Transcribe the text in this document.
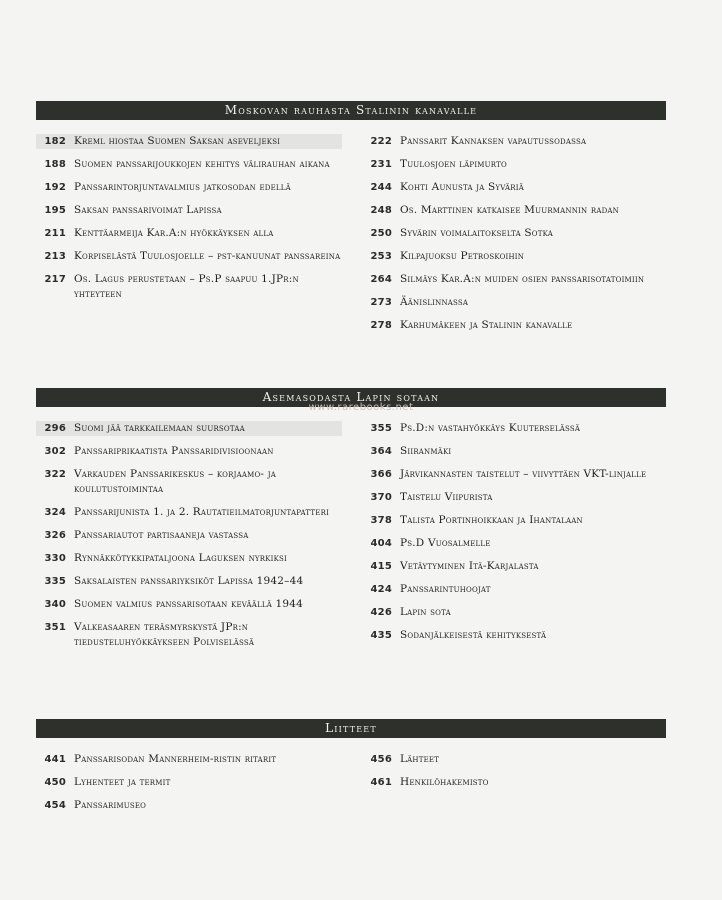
Moskovan rauhasta Stalinin kanavalle
182 Kreml hiostaa Suomen Saksan aseveljeksi
188 Suomen panssarijoukkojen kehitys välirauhan aikana
192 Panssarintorjuntavalmius jatkosodan edellä
195 Saksan panssarivoimat Lapissa
211 Kenttäarmeija Kar.A:n hyökkäyksen alla
213 Korpiselästä Tuulosjoelle – pst-kanuunat panssareina
217 Os. Lagus perustetaan – Ps.P saapuu 1.JPr:n yhteyteen
222 Panssarit Kannaksen vapautussodassa
231 Tuulosjoen läpimurto
244 Kohti Aunusta ja Syväriä
248 Os. Marttinen katkaisee Muurmannin radan
250 Syvärin voimalaitokselta Sotka
253 Kilpajuoksu Petroskoihin
264 Silmäys Kar.A:n muiden osien panssarisotatoimiin
273 Äänislinnassa
278 Karhumäkeen ja Stalinin kanavalle
Asemasodasta Lapin sotaan
296 Suomi jää tarkkailemaan suursotaa
302 Panssariprikaatista Panssaridivisioonaan
322 Varkauden Panssarikeskus – korjaamo- ja koulutustoimintaa
324 Panssarijunista 1. ja 2. Rautatieilmatorjuntapatteri
326 Panssariautot partisaaneja vastassa
330 Rynnäkkötykkipataljoona Laguksen nyrkiksi
335 Saksalaisten panssariyksiköt Lapissa 1942–44
340 Suomen valmius panssarisotaan keväällä 1944
351 Valkeasaaren teräsmyrskystä JPr:n tiedusteluhyökkäykseen Polviselässä
355 Ps.D:n vastahyökkäys Kuuterselässä
364 Siiranmäki
366 Järvikannasten taistelut – viivyttäen VKT-linjalle
370 Taistelu Viipurista
378 Talista Portinhoikkaan ja Ihantalaan
404 Ps.D Vuosalmelle
415 Vetäytyminen Itä-Karjalasta
424 Panssarintuhoojat
426 Lapin sota
435 Sodanjälkeisestä kehityksestä
Liitteet
441 Panssarisodan Mannerheim-ristin ritarit
450 Lyhenteet ja termit
454 Panssarimuseo
456 Lähteet
461 Henkilöhakemisto
www.rarebooks.net
